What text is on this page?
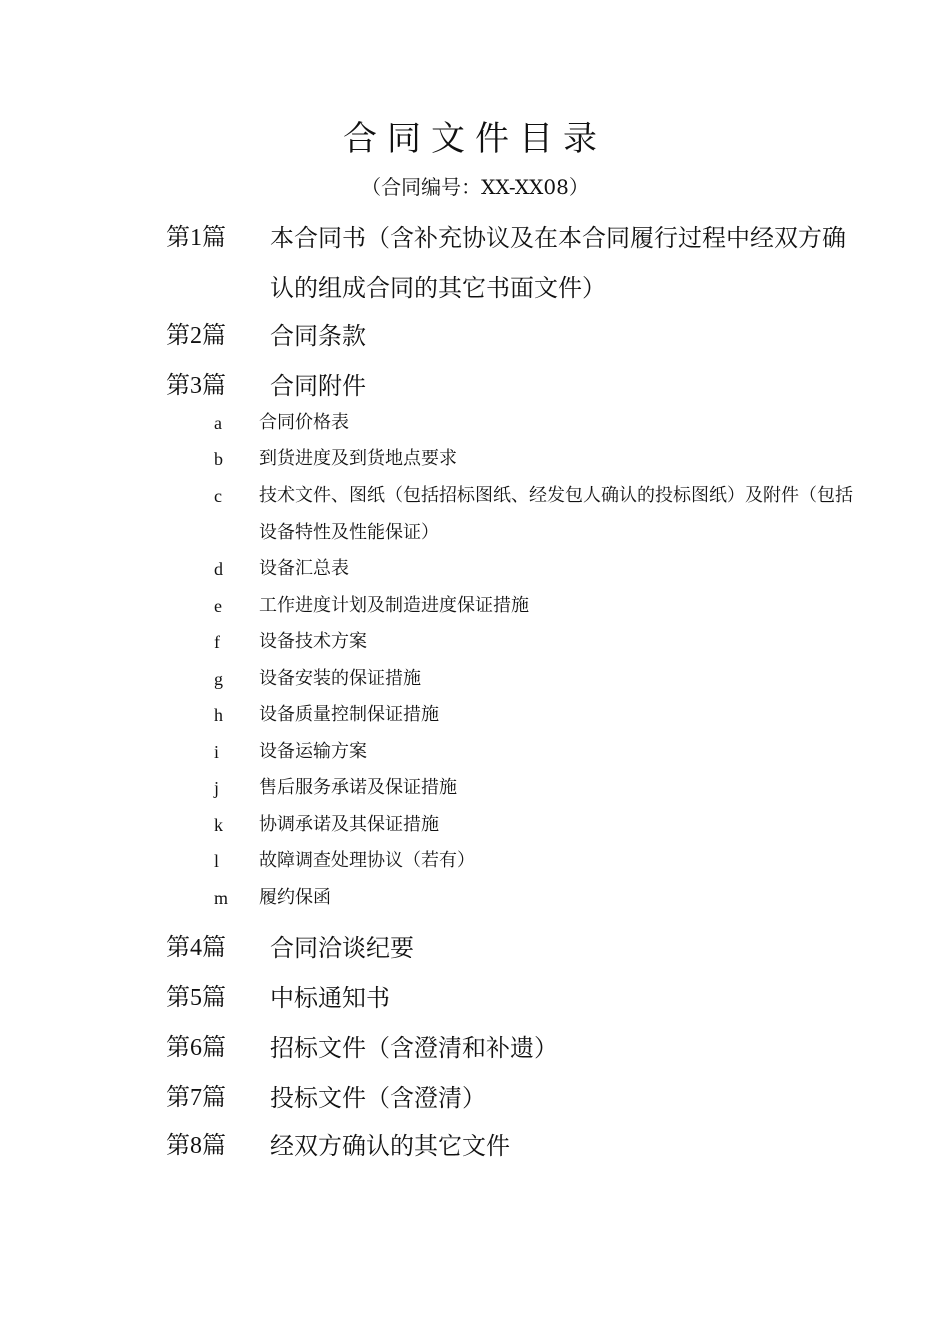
合同文件目录
（合同编号：XX-XX08）
第1篇	本合同书（含补充协议及在本合同履行过程中经双方确认的组成合同的其它书面文件）
第2篇	合同条款
第3篇	合同附件
a	合同价格表
b	到货进度及到货地点要求
c	技术文件、图纸（包括招标图纸、经发包人确认的投标图纸）及附件（包括设备特性及性能保证）
d	设备汇总表
e	工作进度计划及制造进度保证措施
f	设备技术方案
g	设备安装的保证措施
h	设备质量控制保证措施
i	设备运输方案
j	售后服务承诺及保证措施
k	协调承诺及其保证措施
l	故障调查处理协议（若有）
m	履约保函
第4篇	合同洽谈纪要
第5篇	中标通知书
第6篇	招标文件（含澄清和补遗）
第7篇	投标文件（含澄清）
第8篇	经双方确认的其它文件
